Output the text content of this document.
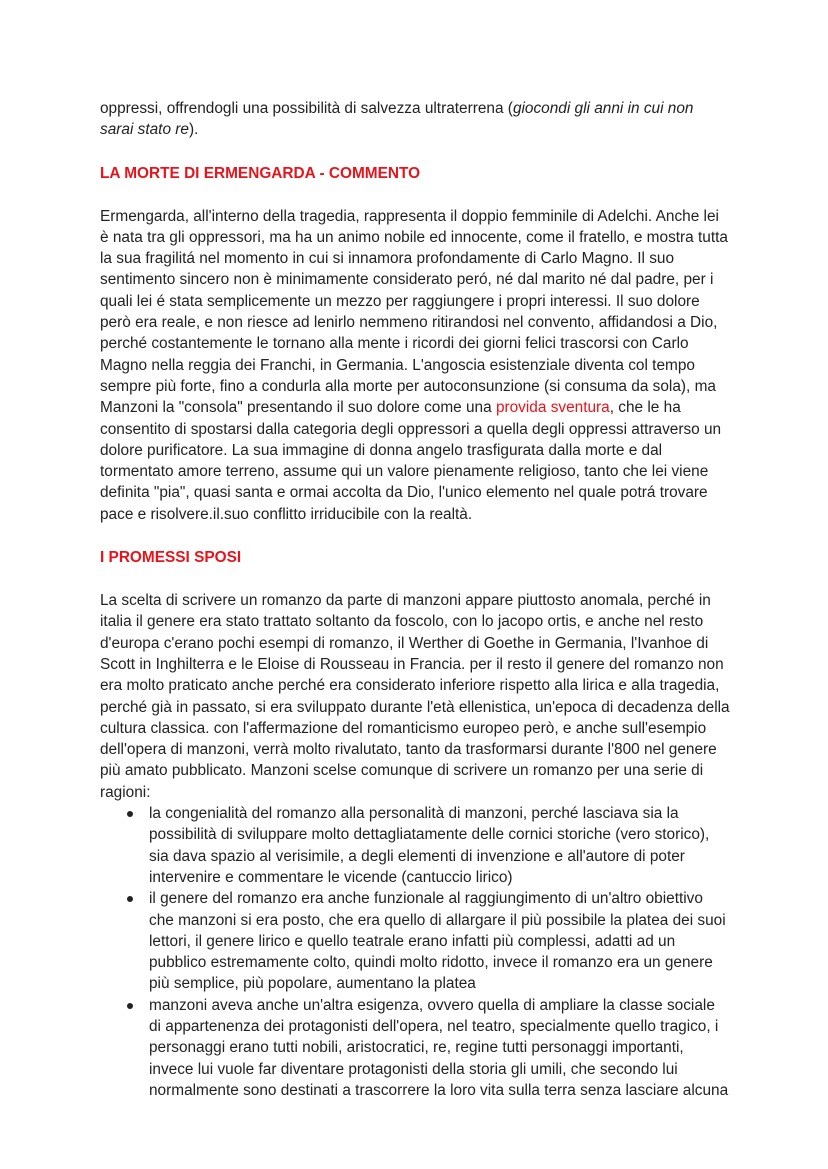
oppressi, offrendogli una possibilità di salvezza ultraterrena (giocondi gli anni in cui non sarai stato re).

LA MORTE DI ERMENGARDA - COMMENTO

Ermengarda, all'interno della tragedia, rappresenta il doppio femminile di Adelchi. Anche lei è nata tra gli oppressori, ma ha un animo nobile ed innocente, come il fratello, e mostra tutta la sua fragilitá nel momento in cui si innamora profondamente di Carlo Magno. Il suo sentimento sincero non è minimamente considerato peró, né dal marito né dal padre, per i quali lei é stata semplicemente un mezzo per raggiungere i propri interessi. Il suo dolore però era reale, e non riesce ad lenirlo nemmeno ritirandosi nel convento, affidandosi a Dio, perché costantemente le tornano alla mente i ricordi dei giorni felici trascorsi con Carlo Magno nella reggia dei Franchi, in Germania. L'angoscia esistenziale diventa col tempo sempre più forte, fino a condurla alla morte per autoconsunzione (si consuma da sola), ma Manzoni la "consola" presentando il suo dolore come una provida sventura, che le ha consentito di spostarsi dalla categoria degli oppressori a quella degli oppressi attraverso un dolore purificatore. La sua immagine di donna angelo trasfigurata dalla morte e dal tormentato amore terreno, assume qui un valore pienamente religioso, tanto che lei viene definita "pia", quasi santa e ormai accolta da Dio, l'unico elemento nel quale potrá trovare pace e risolvere.il.suo conflitto irriducibile con la realtà.

I PROMESSI SPOSI

La scelta di scrivere un romanzo da parte di manzoni appare piuttosto anomala, perché in italia il genere era stato trattato soltanto da foscolo, con lo jacopo ortis, e anche nel resto d'europa c'erano pochi esempi di romanzo, il Werther di Goethe in Germania, l'Ivanhoe di Scott in Inghilterra e le Eloise di Rousseau in Francia. per il resto il genere del romanzo non era molto praticato anche perché era considerato inferiore rispetto alla lirica e alla tragedia, perché già in passato, si era sviluppato durante l'età ellenistica, un'epoca di decadenza della cultura classica. con l'affermazione del romanticismo europeo però, e anche sull'esempio dell'opera di manzoni, verrà molto rivalutato, tanto da trasformarsi durante l'800 nel genere più amato pubblicato. Manzoni scelse comunque di scrivere un romanzo per una serie di ragioni:

la congenialità del romanzo alla personalità di manzoni, perché lasciava sia la possibilità di sviluppare molto dettagliatamente delle cornici storiche (vero storico), sia dava spazio al verisimile, a degli elementi di invenzione e all'autore di poter intervenire e commentare le vicende (cantuccio lirico)
il genere del romanzo era anche funzionale al raggiungimento di un'altro obiettivo che manzoni si era posto, che era quello di allargare il più possibile la platea dei suoi lettori, il genere lirico e quello teatrale erano infatti più complessi, adatti ad un pubblico estremamente colto, quindi molto ridotto, invece il romanzo era un genere più semplice, più popolare, aumentano la platea
manzoni aveva anche un'altra esigenza, ovvero quella di ampliare la classe sociale di appartenenza dei protagonisti dell'opera, nel teatro, specialmente quello tragico, i personaggi erano tutti nobili, aristocratici, re, regine tutti personaggi importanti, invece lui vuole far diventare protagonisti della storia gli umili, che secondo lui normalmente sono destinati a trascorrere la loro vita sulla terra senza lasciare alcuna
